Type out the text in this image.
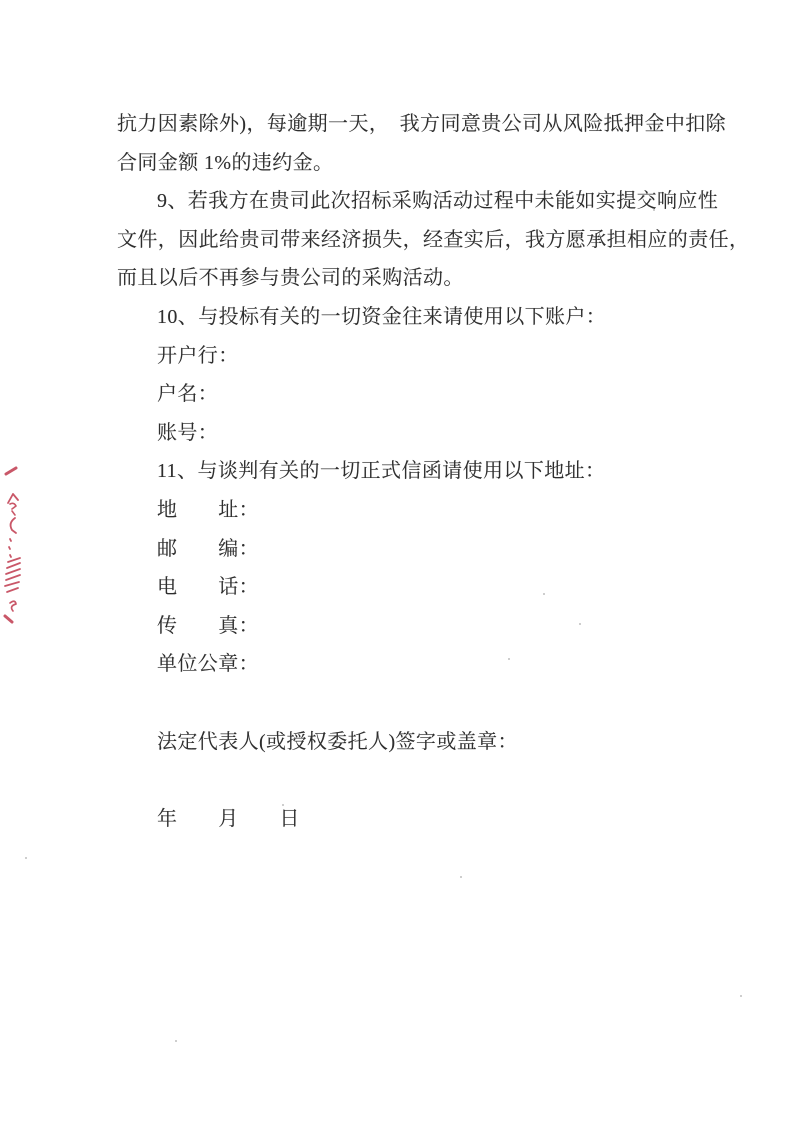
抗力因素除外)，每逾期一天，　我方同意贵公司从风险抵押金中扣除
合同金额 1%的违约金。
9、若我方在贵司此次招标采购活动过程中未能如实提交响应性
文件，因此给贵司带来经济损失，经查实后，我方愿承担相应的责任，
而且以后不再参与贵公司的采购活动。
10、与投标有关的一切资金往来请使用以下账户：
开户行：
户名：
账号：
11、与谈判有关的一切正式信函请使用以下地址：
地　　址：
邮　　编：
电　　话：
传　　真：
单位公章：
法定代表人(或授权委托人)签字或盖章：
年　　月　　日
